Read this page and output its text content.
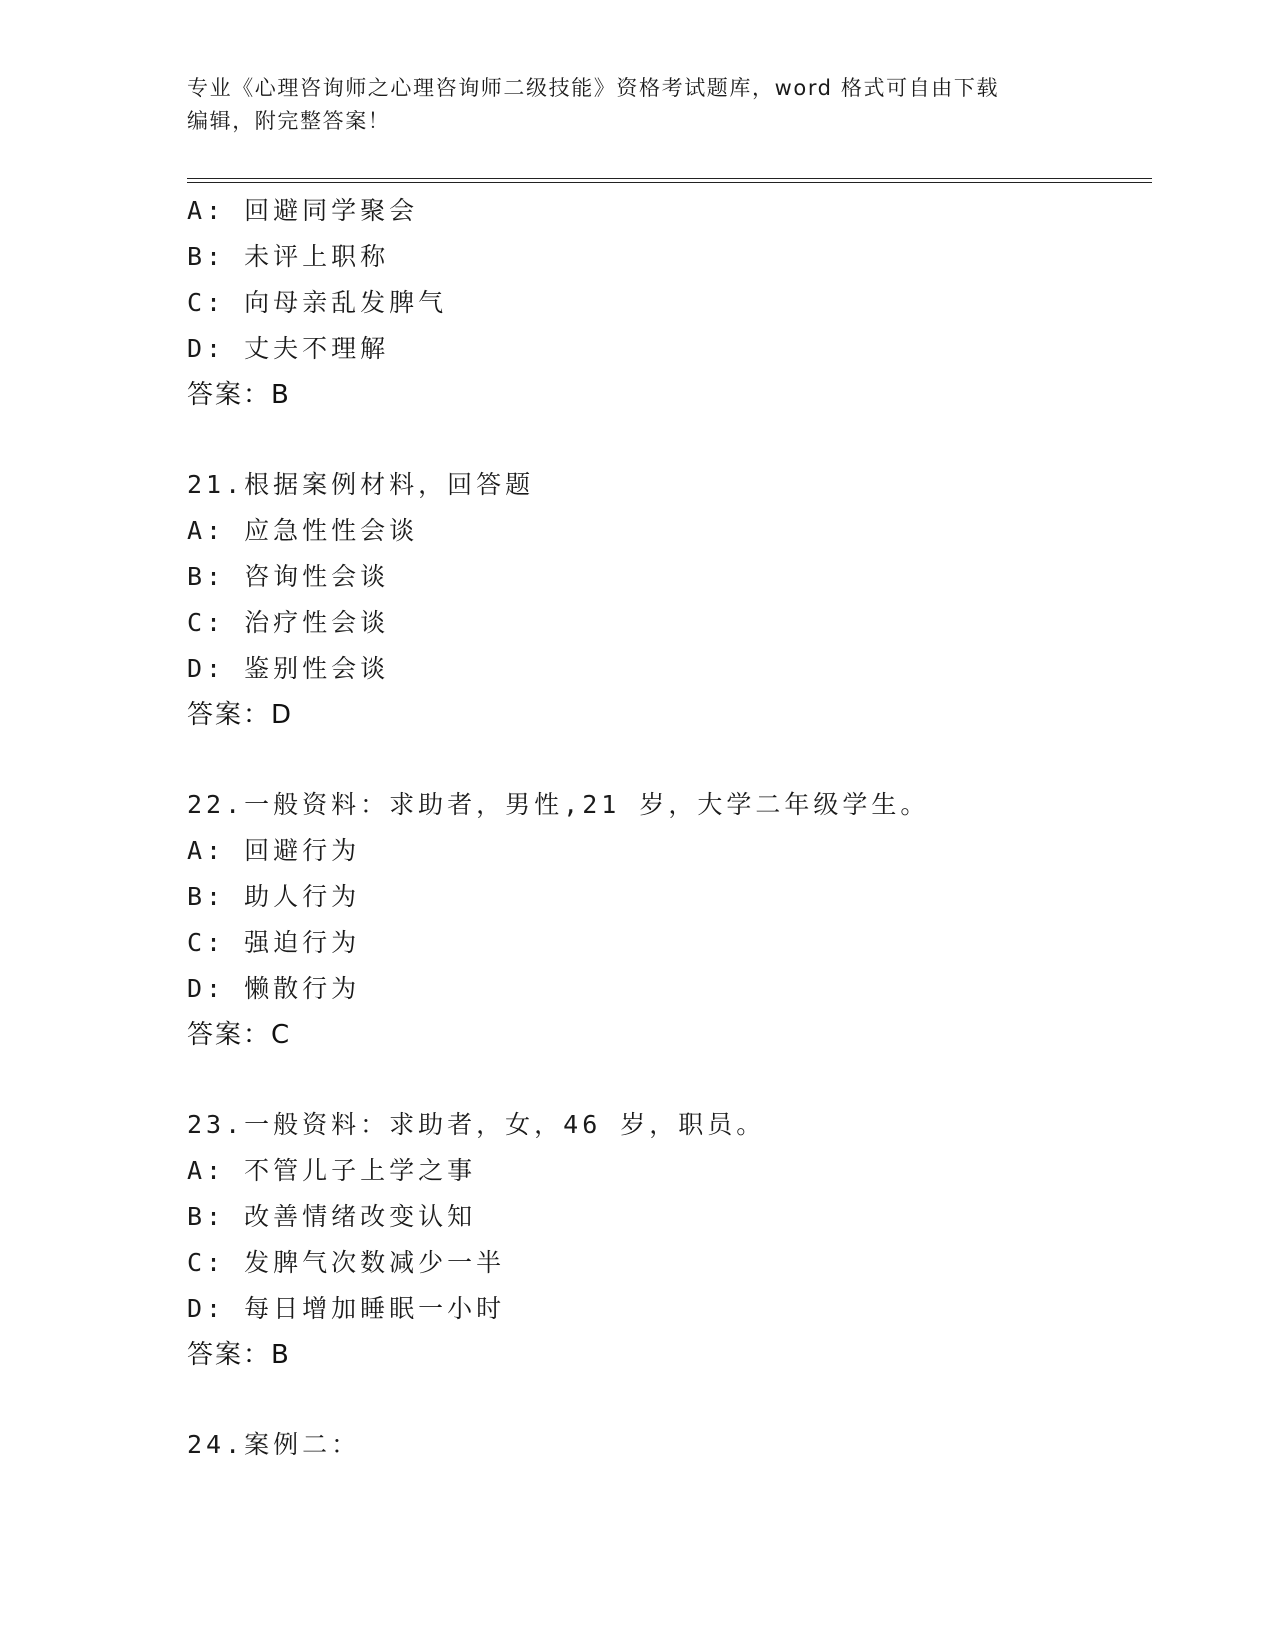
专业《心理咨询师之心理咨询师二级技能》资格考试题库，word 格式可自由下载

编辑，附完整答案！

A: 回避同学聚会
B: 未评上职称
C: 向母亲乱发脾气
D: 丈夫不理解
答案：B
21.根据案例材料，回答题
A: 应急性性会谈
B: 咨询性会谈
C: 治疗性会谈
D: 鉴别性会谈
答案：D
22.一般资料：求助者，男性,21 岁，大学二年级学生。
A: 回避行为
B: 助人行为
C: 强迫行为
D: 懒散行为
答案：C
23.一般资料：求助者，女，46 岁，职员。
A: 不管儿子上学之事
B: 改善情绪改变认知
C: 发脾气次数减少一半
D: 每日增加睡眠一小时
答案：B
24.案例二：
